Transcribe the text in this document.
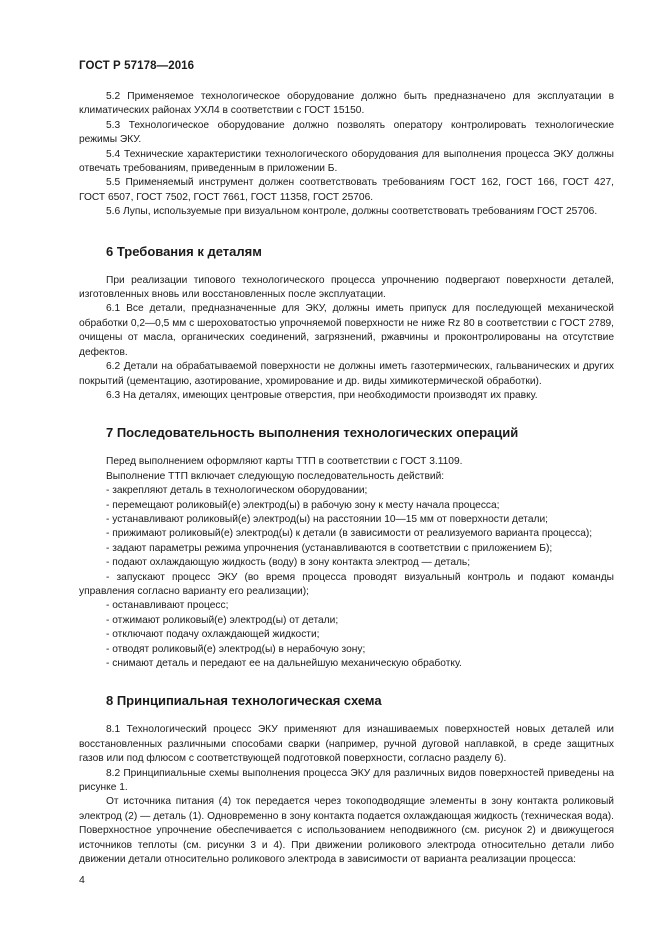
ГОСТ Р 57178—2016

5.2 Применяемое технологическое оборудование должно быть предназначено для эксплуатации в климатических районах УХЛ4 в соответствии с ГОСТ 15150.

5.3 Технологическое оборудование должно позволять оператору контролировать технологические режимы ЭКУ.

5.4 Технические характеристики технологического оборудования для выполнения процесса ЭКУ должны отвечать требованиям, приведенным в приложении Б.

5.5 Применяемый инструмент должен соответствовать требованиям ГОСТ 162, ГОСТ 166, ГОСТ 427, ГОСТ 6507, ГОСТ 7502, ГОСТ 7661, ГОСТ 11358, ГОСТ 25706.

5.6 Лупы, используемые при визуальном контроле, должны соответствовать требованиям ГОСТ 25706.

6 Требования к деталям

При реализации типового технологического процесса упрочнению подвергают поверхности деталей, изготовленных вновь или восстановленных после эксплуатации.

6.1 Все детали, предназначенные для ЭКУ, должны иметь припуск для последующей механической обработки 0,2—0,5 мм с шероховатостью упрочняемой поверхности не ниже Rz 80 в соответствии с ГОСТ 2789, очищены от масла, органических соединений, загрязнений, ржавчины и проконтролированы на отсутствие дефектов.

6.2 Детали на обрабатываемой поверхности не должны иметь газотермических, гальванических и других покрытий (цементацию, азотирование, хромирование и др. виды химикотермической обработки).

6.3 На деталях, имеющих центровые отверстия, при необходимости производят их правку.

7 Последовательность выполнения технологических операций

Перед выполнением оформляют карты ТТП в соответствии с ГОСТ 3.1109.

Выполнение ТТП включает следующую последовательность действий:

- закрепляют деталь в технологическом оборудовании;

- перемещают роликовый(е) электрод(ы) в рабочую зону к месту начала процесса;

- устанавливают роликовый(е) электрод(ы) на расстоянии 10—15 мм от поверхности детали;

- прижимают роликовый(е) электрод(ы) к детали (в зависимости от реализуемого варианта процесса);

- задают параметры режима упрочнения (устанавливаются в соответствии с приложением Б);

- подают охлаждающую жидкость (воду) в зону контакта электрод — деталь;

- запускают процесс ЭКУ (во время процесса проводят визуальный контроль и подают команды управления согласно варианту его реализации);

- останавливают процесс;

- отжимают роликовый(е) электрод(ы) от детали;

- отключают подачу охлаждающей жидкости;

- отводят роликовый(е) электрод(ы) в нерабочую зону;

- снимают деталь и передают ее на дальнейшую механическую обработку.

8 Принципиальная технологическая схема

8.1 Технологический процесс ЭКУ применяют для изнашиваемых поверхностей новых деталей или восстановленных различными способами сварки (например, ручной дуговой наплавкой, в среде защитных газов или под флюсом с соответствующей подготовкой поверхности, согласно разделу 6).

8.2 Принципиальные схемы выполнения процесса ЭКУ для различных видов поверхностей приведены на рисунке 1.

От источника питания (4) ток передается через токоподводящие элементы в зону контакта роликовый электрод (2) — деталь (1). Одновременно в зону контакта подается охлаждающая жидкость (техническая вода). Поверхностное упрочнение обеспечивается с использованием неподвижного (см. рисунок 2) и движущегося источников теплоты (см. рисунки 3 и 4). При движении роликового электрода относительно детали либо движении детали относительно роликового электрода в зависимости от варианта реализации процесса:

4
